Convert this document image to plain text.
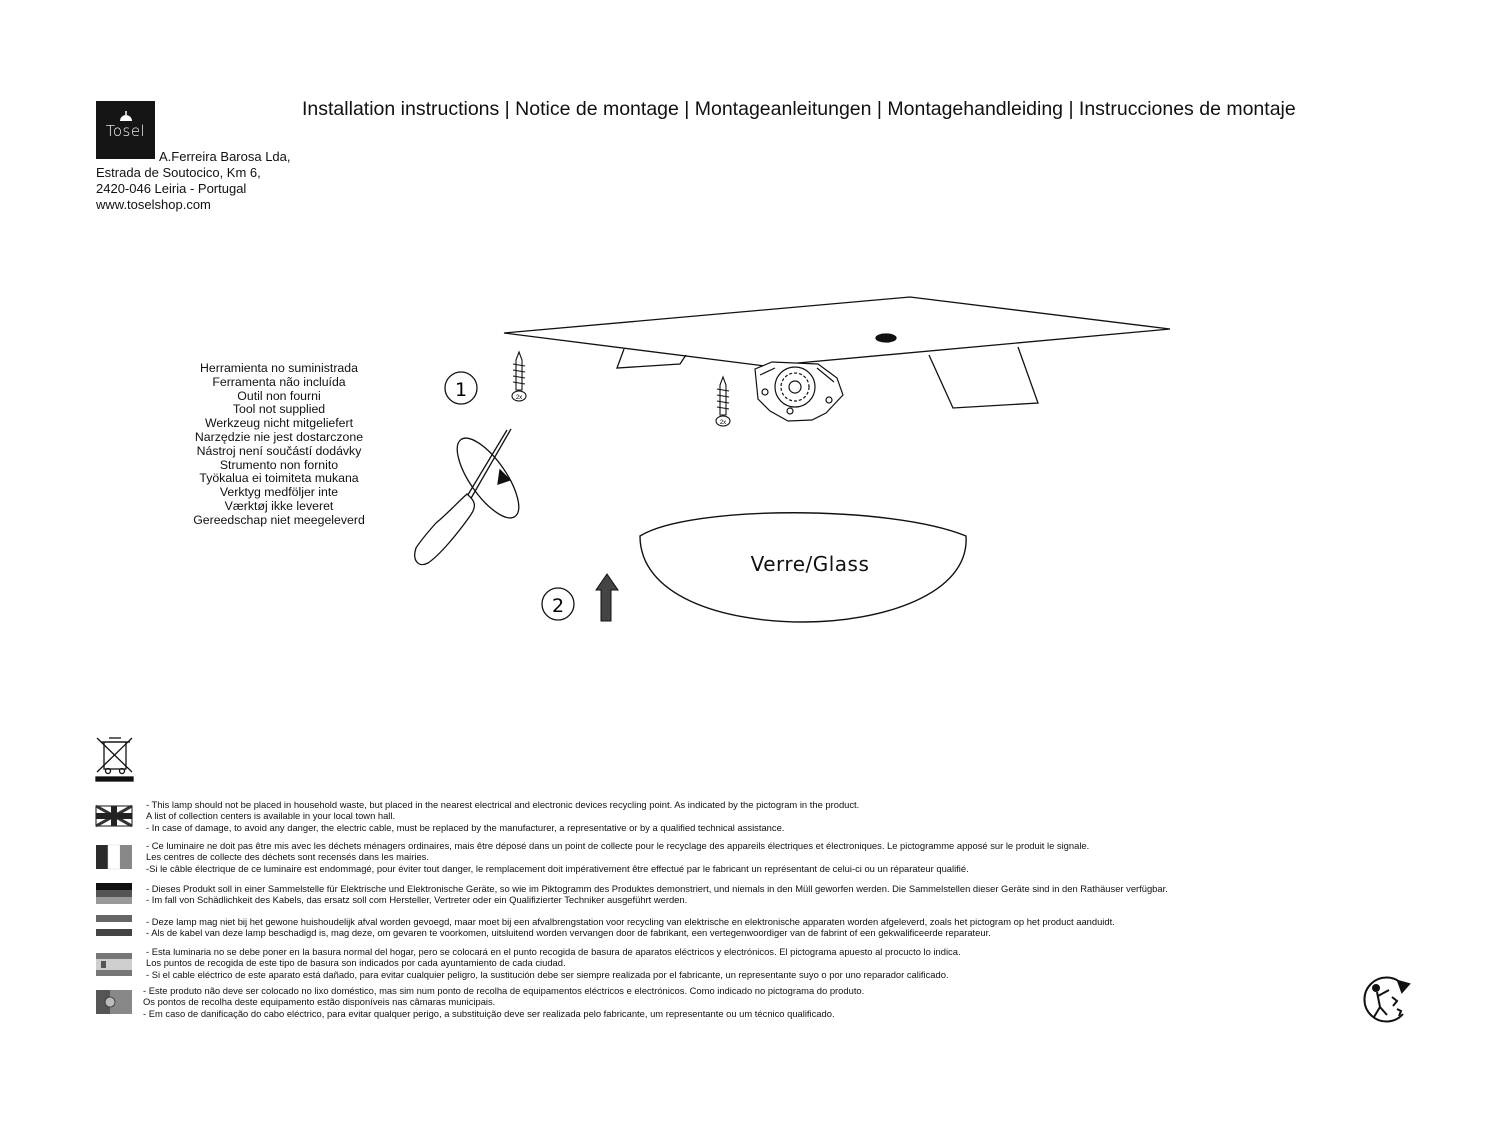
Tosel
A.Ferreira Barosa Lda,
Estrada de Soutocico, Km 6,
2420-046 Leiria - Portugal
www.toselshop.com
Installation instructions | Notice de montage | Montageanleitungen | Montagehandleiding | Instrucciones de montaje
Herramienta no suministrada
Ferramenta não incluída
Outil non fourni
Tool not supplied
Werkzeug nicht mitgeliefert
Narzędzie nie jest dostarczone
Nástroj není součástí dodávky
Strumento non fornito
Työkalua ei toimiteta mukana
Verktyg medföljer inte
Værktøj ikke leveret
Gereedschap niet meegeleverd
2x
2x
1
2
Verre/Glass
- This lamp should not be placed in household waste, but placed in the nearest electrical and electronic devices recycling point. As indicated by the pictogram in the product.
A list of collection centers is available in your local town hall.
- In case of damage, to avoid any danger, the electric cable, must be replaced by the manufacturer, a representative or by a qualified technical assistance.
- Ce luminaire ne doit pas être mis avec les déchets ménagers ordinaires, mais être déposé dans un point de collecte pour le recyclage des appareils électriques et électroniques. Le pictogramme apposé sur le produit le signale.
Les centres de collecte des déchets sont recensés dans les mairies.
-Si le câble électrique de ce luminaire est endommagé, pour éviter tout danger, le remplacement doit impérativement être effectué par le fabricant un représentant de celui-ci ou un réparateur qualifié.
- Dieses Produkt soll in einer Sammelstelle für Elektrische und Elektronische Geräte, so wie im Piktogramm des Produktes demonstriert, und niemals in den Müll geworfen werden. Die Sammelstellen dieser Geräte sind in den Rathäuser verfügbar.
- Im fall von Schädlichkeit des Kabels, das ersatz soll com Hersteller, Vertreter oder ein Qualifizierter Techniker ausgeführt werden.
- Deze lamp mag niet bij het gewone huishoudelijk afval worden gevoegd, maar moet bij een afvalbrengstation voor recycling van elektrische en elektronische apparaten worden afgeleverd, zoals het pictogram op het product aanduidt.
- Als de kabel van deze lamp beschadigd is, mag deze, om gevaren te voorkomen, uitsluitend worden vervangen door de fabrikant, een vertegenwoordiger van de fabrint of een gekwalificeerde reparateur.
- Esta luminaria no se debe poner en la basura normal del hogar, pero se colocará en el punto recogida de basura de aparatos eléctricos y electrónicos. El pictograma apuesto al procucto lo indica.
Los puntos de recogida de este tipo de basura son indicados por cada ayuntamiento de cada ciudad.
- Si el cable eléctrico de este aparato está dañado, para evitar cualquier peligro, la sustitución debe ser siempre realizada por el fabricante, un representante suyo o por uno reparador calificado.
- Este produto não deve ser colocado no lixo doméstico, mas sim num ponto de recolha de equipamentos eléctricos e electrónicos. Como indicado no pictograma do produto.
Os pontos de recolha deste equipamento estão disponíveis nas câmaras municipais.
- Em caso de danificação do cabo eléctrico, para evitar qualquer perigo, a substituição deve ser realizada pelo fabricante, um representante ou um técnico qualificado.
